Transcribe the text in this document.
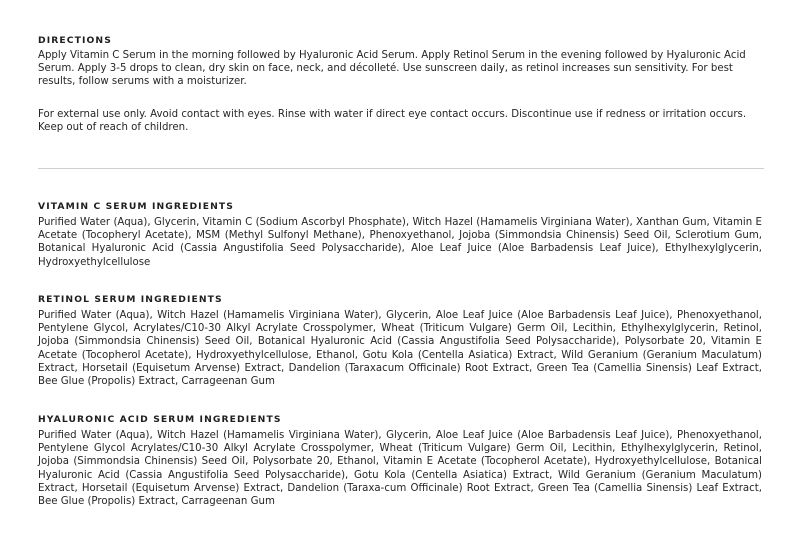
DIRECTIONS

Apply Vitamin C Serum in the morning followed by Hyaluronic Acid Serum. Apply Retinol Serum in the evening followed by Hyaluronic Acid Serum. Apply 3-5 drops to clean, dry skin on face, neck, and décolleté. Use sunscreen daily, as retinol increases sun sensitivity. For best results, follow serums with a moisturizer.

For external use only. Avoid contact with eyes. Rinse with water if direct eye contact occurs. Discontinue use if redness or irritation occurs. Keep out of reach of children.

VITAMIN C SERUM INGREDIENTS

Purified Water (Aqua), Glycerin, Vitamin C (Sodium Ascorbyl Phosphate), Witch Hazel (Hamamelis Virginiana Water), Xanthan Gum, Vitamin E Acetate (Tocopheryl Acetate), MSM (Methyl Sulfonyl Methane), Phenoxyethanol, Jojoba (Simmondsia Chinensis) Seed Oil, Sclerotium Gum, Botanical Hyaluronic Acid (Cassia Angustifolia Seed Polysaccharide), Aloe Leaf Juice (Aloe Barbadensis Leaf Juice), Ethylhexylglycerin, Hydroxyethylcellulose

RETINOL SERUM INGREDIENTS

Purified Water (Aqua), Witch Hazel (Hamamelis Virginiana Water), Glycerin, Aloe Leaf Juice (Aloe Barbadensis Leaf Juice), Phenoxyethanol, Pentylene Glycol, Acrylates/C10-30 Alkyl Acrylate Crosspolymer, Wheat (Triticum Vulgare) Germ Oil, Lecithin, Ethylhexylglycerin, Retinol, Jojoba (Simmondsia Chinensis) Seed Oil, Botanical Hyaluronic Acid (Cassia Angustifolia Seed Polysaccharide), Polysorbate 20, Vitamin E Acetate (Tocopherol Acetate), Hydroxyethylcellulose, Ethanol, Gotu Kola (Centella Asiatica) Extract, Wild Geranium (Geranium Maculatum) Extract, Horsetail (Equisetum Arvense) Extract, Dandelion (Taraxacum Officinale) Root Extract, Green Tea (Camellia Sinensis) Leaf Extract, Bee Glue (Propolis) Extract, Carrageenan Gum

HYALURONIC ACID SERUM INGREDIENTS

Purified Water (Aqua), Witch Hazel (Hamamelis Virginiana Water), Glycerin, Aloe Leaf Juice (Aloe Barbadensis Leaf Juice), Phenoxyethanol, Pentylene Glycol Acrylates/C10-30 Alkyl Acrylate Crosspolymer, Wheat (Triticum Vulgare) Germ Oil, Lecithin, Ethylhexylglycerin, Retinol, Jojoba (Simmondsia Chinensis) Seed Oil, Polysorbate 20, Ethanol, Vitamin E Acetate (Tocopherol Acetate), Hydroxyethylcellulose, Botanical Hyaluronic Acid (Cassia Angustifolia Seed Polysaccharide), Gotu Kola (Centella Asiatica) Extract, Wild Geranium (Geranium Maculatum) Extract, Horsetail (Equisetum Arvense) Extract, Dandelion (Taraxa-cum Officinale) Root Extract, Green Tea (Camellia Sinensis) Leaf Extract, Bee Glue (Propolis) Extract, Carrageenan Gum
